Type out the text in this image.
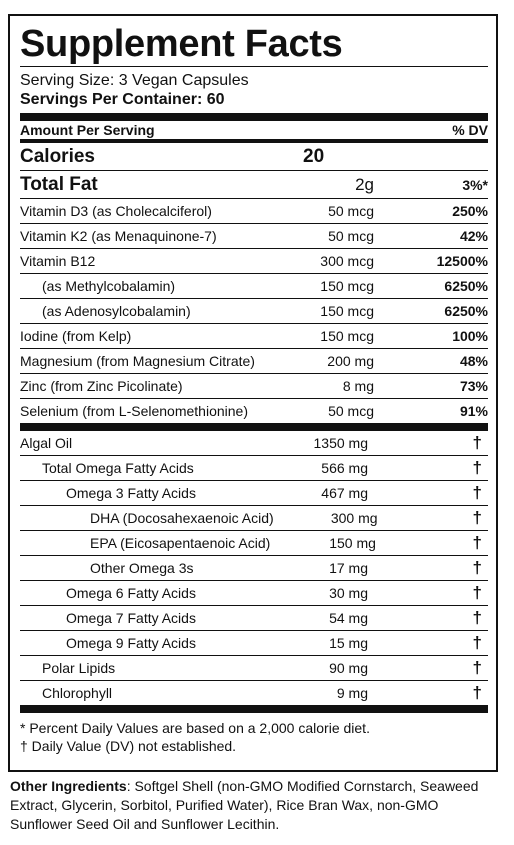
Supplement Facts
Serving Size: 3 Vegan Capsules
Servings Per Container: 60
Amount Per Serving	% DV
Calories	20
Total Fat	2g	3%*
Vitamin D3 (as Cholecalciferol)	50 mcg	250%
Vitamin K2 (as Menaquinone-7)	50 mcg	42%
Vitamin B12	300 mcg	12500%
(as Methylcobalamin)	150 mcg	6250%
(as Adenosylcobalamin)	150 mcg	6250%
Iodine (from Kelp)	150 mcg	100%
Magnesium (from Magnesium Citrate)	200 mg	48%
Zinc (from Zinc Picolinate)	8 mg	73%
Selenium (from L-Selenomethionine)	50 mcg	91%
Algal Oil	1350 mg	†
Total Omega Fatty Acids	566 mg	†
Omega 3 Fatty Acids	467 mg	†
DHA (Docosahexaenoic Acid)	300 mg	†
EPA (Eicosapentaenoic Acid)	150 mg	†
Other Omega 3s	17 mg	†
Omega 6 Fatty Acids	30 mg	†
Omega 7 Fatty Acids	54 mg	†
Omega 9 Fatty Acids	15 mg	†
Polar Lipids	90 mg	†
Chlorophyll	9 mg	†
* Percent Daily Values are based on a 2,000 calorie diet.
† Daily Value (DV) not established.
Other Ingredients: Softgel Shell (non-GMO Modified Cornstarch, Seaweed Extract, Glycerin, Sorbitol, Purified Water), Rice Bran Wax, non-GMO Sunflower Seed Oil and Sunflower Lecithin.
